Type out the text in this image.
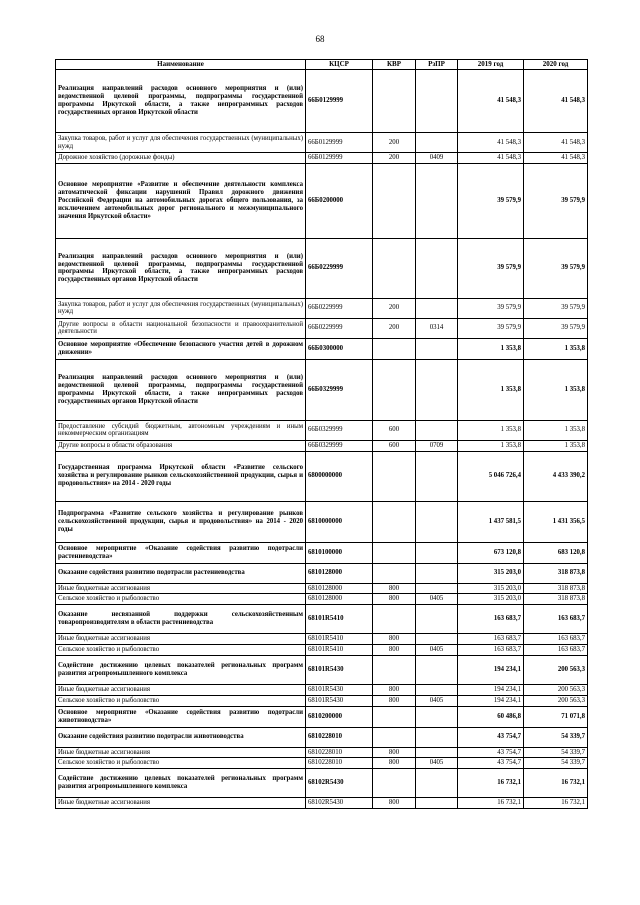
68
Наименование	КЦСР	КВР	РзПР	2019 год	2020 год
Реализация направлений расходов основного мероприятия и (или) ведомственной целевой программы, подпрограммы государственной программы Иркутской области, а также непрограммных расходов государственных органов Иркутской области	66Б0129999			41 548,3	41 548,3
Закупка товаров, работ и услуг для обеспечения государственных (муниципальных) нужд	66Б0129999	200		41 548,3	41 548,3
Дорожное хозяйство (дорожные фонды)	66Б0129999	200	0409	41 548,3	41 548,3
Основное мероприятие «Развитие и обеспечение деятельности комплекса автоматической фиксации нарушений Правил дорожного движения Российской Федерации на автомобильных дорогах общего пользования, за исключением автомобильных дорог регионального и межмуниципального значения Иркутской области»	66Б0200000			39 579,9	39 579,9
Реализация направлений расходов основного мероприятия и (или) ведомственной целевой программы, подпрограммы государственной программы Иркутской области, а также непрограммных расходов государственных органов Иркутской области	66Б0229999			39 579,9	39 579,9
Закупка товаров, работ и услуг для обеспечения государственных (муниципальных) нужд	66Б0229999	200		39 579,9	39 579,9
Другие вопросы в области национальной безопасности и правоохранительной деятельности	66Б0229999	200	0314	39 579,9	39 579,9
Основное мероприятие «Обеспечение безопасного участия детей в дорожном движении»	66Б0300000			1 353,8	1 353,8
Реализация направлений расходов основного мероприятия и (или) ведомственной целевой программы, подпрограммы государственной программы Иркутской области, а также непрограммных расходов государственных органов Иркутской области	66Б0329999			1 353,8	1 353,8
Предоставление субсидий бюджетным, автономным учреждениям и иным некоммерческим организациям	66Б0329999	600		1 353,8	1 353,8
Другие вопросы в области образования	66Б0329999	600	0709	1 353,8	1 353,8
Государственная программа Иркутской области «Развитие сельского хозяйства и регулирование рынков сельскохозяйственной продукции, сырья и продовольствия» на 2014 - 2020 годы	6800000000			5 046 726,4	4 433 390,2
Подпрограмма «Развитие сельского хозяйства и регулирование рынков сельскохозяйственной продукции, сырья и продовольствия» на 2014 - 2020 годы	6810000000			1 437 581,5	1 431 356,5
Основное мероприятие «Оказание содействия развитию подотрасли растениеводства»	6810100000			673 120,8	683 120,8
Оказание содействия развитию подотрасли растениеводства	6810128000			315 203,0	318 873,8
Иные бюджетные ассигнования	6810128000	800		315 203,0	318 873,8
Сельское хозяйство и рыболовство	6810128000	800	0405	315 203,0	318 873,8
Оказание несвязанной поддержки сельскохозяйственным товаропроизводителям в области растениеводства	68101R5410			163 683,7	163 683,7
Иные бюджетные ассигнования	68101R5410	800		163 683,7	163 683,7
Сельское хозяйство и рыболовство	68101R5410	800	0405	163 683,7	163 683,7
Содействие достижению целевых показателей региональных программ развития агропромышленного комплекса	68101R5430			194 234,1	200 563,3
Иные бюджетные ассигнования	68101R5430	800		194 234,1	200 563,3
Сельское хозяйство и рыболовство	68101R5430	800	0405	194 234,1	200 563,3
Основное мероприятие «Оказание содействия развитию подотрасли животноводства»	6810200000			60 486,8	71 071,8
Оказание содействия развитию подотрасли животноводства	6810228010			43 754,7	54 339,7
Иные бюджетные ассигнования	6810228010	800		43 754,7	54 339,7
Сельское хозяйство и рыболовство	6810228010	800	0405	43 754,7	54 339,7
Содействие достижению целевых показателей региональных программ развития агропромышленного комплекса	68102R5430			16 732,1	16 732,1
Иные бюджетные ассигнования	68102R5430	800		16 732,1	16 732,1
